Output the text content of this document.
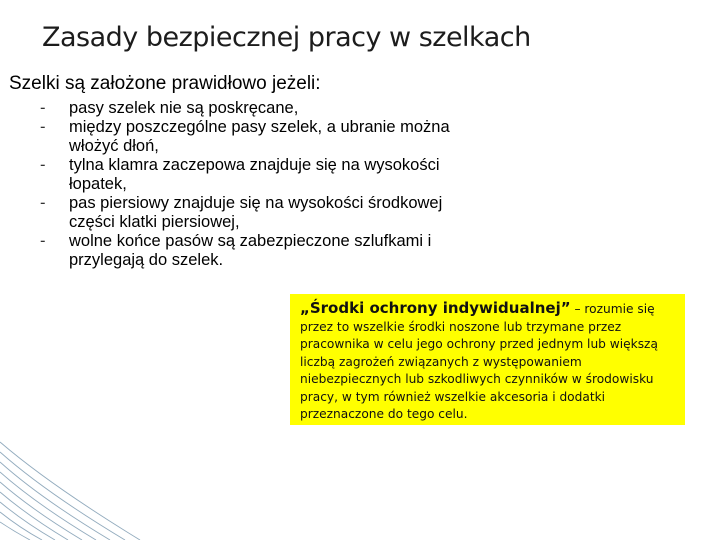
Zasady bezpiecznej pracy w szelkach

Szelki są założone prawidłowo jeżeli:

- pasy szelek nie są poskręcane,
- między poszczególne pasy szelek, a ubranie można włożyć dłoń,
- tylna klamra zaczepowa znajduje się na wysokości łopatek,
- pas piersiowy znajduje się na wysokości środkowej części klatki piersiowej,
- wolne końce pasów są zabezpieczone szlufkami i przylegają do szelek.
„Środki ochrony indywidualnej” – rozumie się przez to wszelkie środki noszone lub trzymane przez pracownika w celu jego ochrony przed jednym lub większą liczbą zagrożeń związanych z występowaniem niebezpiecznych lub szkodliwych czynników w środowisku pracy, w tym również wszelkie akcesoria i dodatki przeznaczone do tego celu.
